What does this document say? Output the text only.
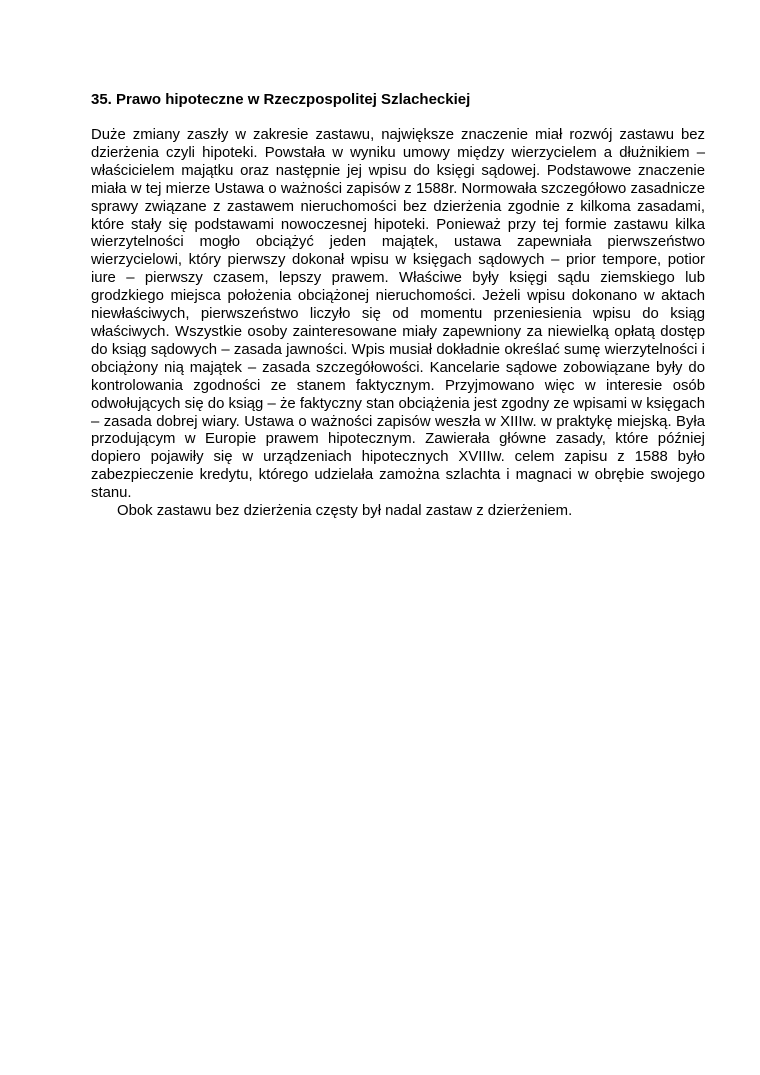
35. Prawo hipoteczne w Rzeczpospolitej Szlacheckiej

Duże zmiany zaszły w zakresie zastawu, największe znaczenie miał rozwój zastawu bez dzierżenia czyli hipoteki. Powstała w wyniku umowy między wierzycielem a dłużnikiem – właścicielem majątku oraz następnie jej wpisu do księgi sądowej. Podstawowe znaczenie miała w tej mierze Ustawa o ważności zapisów z 1588r. Normowała szczegółowo zasadnicze sprawy związane z zastawem nieruchomości bez dzierżenia zgodnie z kilkoma zasadami, które stały się podstawami nowoczesnej hipoteki. Ponieważ przy tej formie zastawu kilka wierzytelności mogło obciążyć jeden majątek, ustawa zapewniała pierwszeństwo wierzycielowi, który pierwszy dokonał wpisu w księgach sądowych – prior tempore, potior iure – pierwszy czasem, lepszy prawem. Właściwe były księgi sądu ziemskiego lub grodzkiego miejsca położenia obciążonej nieruchomości. Jeżeli wpisu dokonano w aktach niewłaściwych, pierwszeństwo liczyło się od momentu przeniesienia wpisu do ksiąg właściwych. Wszystkie osoby zainteresowane miały zapewniony za niewielką opłatą dostęp do ksiąg sądowych – zasada jawności. Wpis musiał dokładnie określać sumę wierzytelności i obciążony nią majątek – zasada szczegółowości. Kancelarie sądowe zobowiązane były do kontrolowania zgodności ze stanem faktycznym. Przyjmowano więc w interesie osób odwołujących się do ksiąg – że faktyczny stan obciążenia jest zgodny ze wpisami w księgach – zasada dobrej wiary. Ustawa o ważności zapisów weszła w XIIIw. w praktykę miejską. Była przodującym w Europie prawem hipotecznym. Zawierała główne zasady, które później dopiero pojawiły się w urządzeniach hipotecznych XVIIIw. celem zapisu z 1588 było zabezpieczenie kredytu, którego udzielała zamożna szlachta i magnaci w obrębie swojego stanu.

Obok zastawu bez dzierżenia częsty był nadal zastaw z dzierżeniem.
